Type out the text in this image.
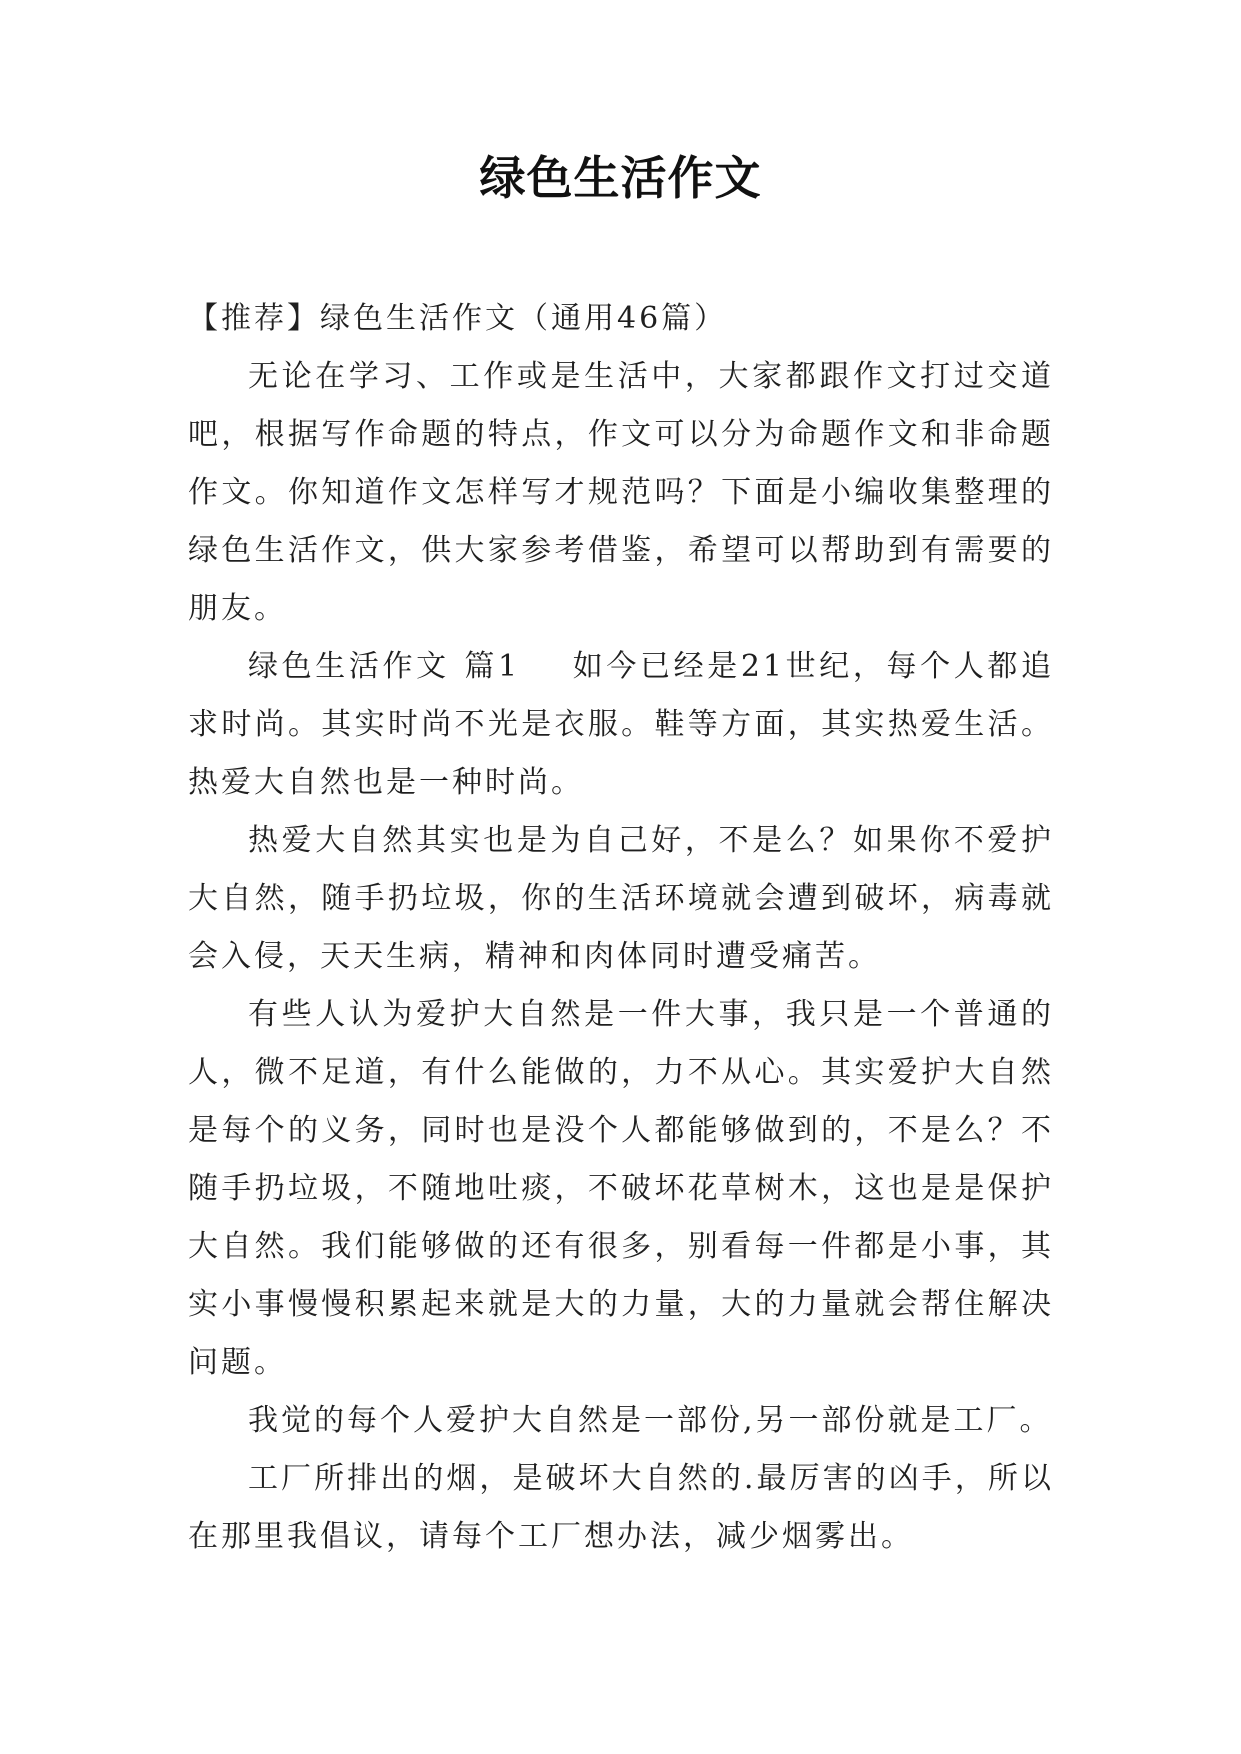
绿色生活作文

【推荐】绿色生活作文（通用46篇）

无论在学习、工作或是生活中，大家都跟作文打过交道吧，根据写作命题的特点，作文可以分为命题作文和非命题作文。你知道作文怎样写才规范吗？下面是小编收集整理的绿色生活作文，供大家参考借鉴，希望可以帮助到有需要的朋友。

绿色生活作文 篇1 如今已经是21世纪，每个人都追求时尚。其实时尚不光是衣服。鞋等方面，其实热爱生活。热爱大自然也是一种时尚。

热爱大自然其实也是为自己好，不是么？如果你不爱护大自然，随手扔垃圾，你的生活环境就会遭到破坏，病毒就会入侵，天天生病，精神和肉体同时遭受痛苦。

有些人认为爱护大自然是一件大事，我只是一个普通的人，微不足道，有什么能做的，力不从心。其实爱护大自然是每个的义务，同时也是没个人都能够做到的，不是么？不随手扔垃圾，不随地吐痰，不破坏花草树木，这也是是保护大自然。我们能够做的还有很多，别看每一件都是小事，其实小事慢慢积累起来就是大的力量，大的力量就会帮住解决问题。

我觉的每个人爱护大自然是一部份,另一部份就是工厂。

工厂所排出的烟，是破坏大自然的.最厉害的凶手，所以在那里我倡议，请每个工厂想办法，减少烟雾出。
